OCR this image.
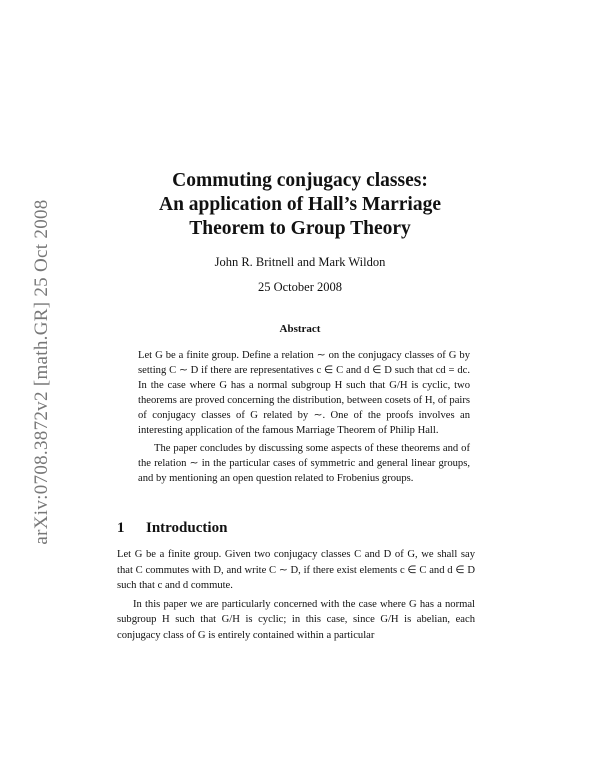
arXiv:0708.3872v2 [math.GR] 25 Oct 2008
Commuting conjugacy classes:
An application of Hall’s Marriage
Theorem to Group Theory
John R. Britnell and Mark Wildon
25 October 2008
Abstract

Let G be a finite group. Define a relation ∼ on the conjugacy classes of G by setting C ∼ D if there are representatives c ∈ C and d ∈ D such that cd = dc. In the case where G has a normal subgroup H such that G/H is cyclic, two theorems are proved concerning the distribution, between cosets of H, of pairs of conjugacy classes of G related by ∼. One of the proofs involves an interesting application of the famous Marriage Theorem of Philip Hall.

The paper concludes by discussing some aspects of these theorems and of the relation ∼ in the particular cases of symmetric and general linear groups, and by mentioning an open question related to Frobenius groups.

1 Introduction

Let G be a finite group. Given two conjugacy classes C and D of G, we shall say that C commutes with D, and write C ∼ D, if there exist elements c ∈ C and d ∈ D such that c and d commute.

In this paper we are particularly concerned with the case where G has a normal subgroup H such that G/H is cyclic; in this case, since G/H is abelian, each conjugacy class of G is entirely contained within a particular
